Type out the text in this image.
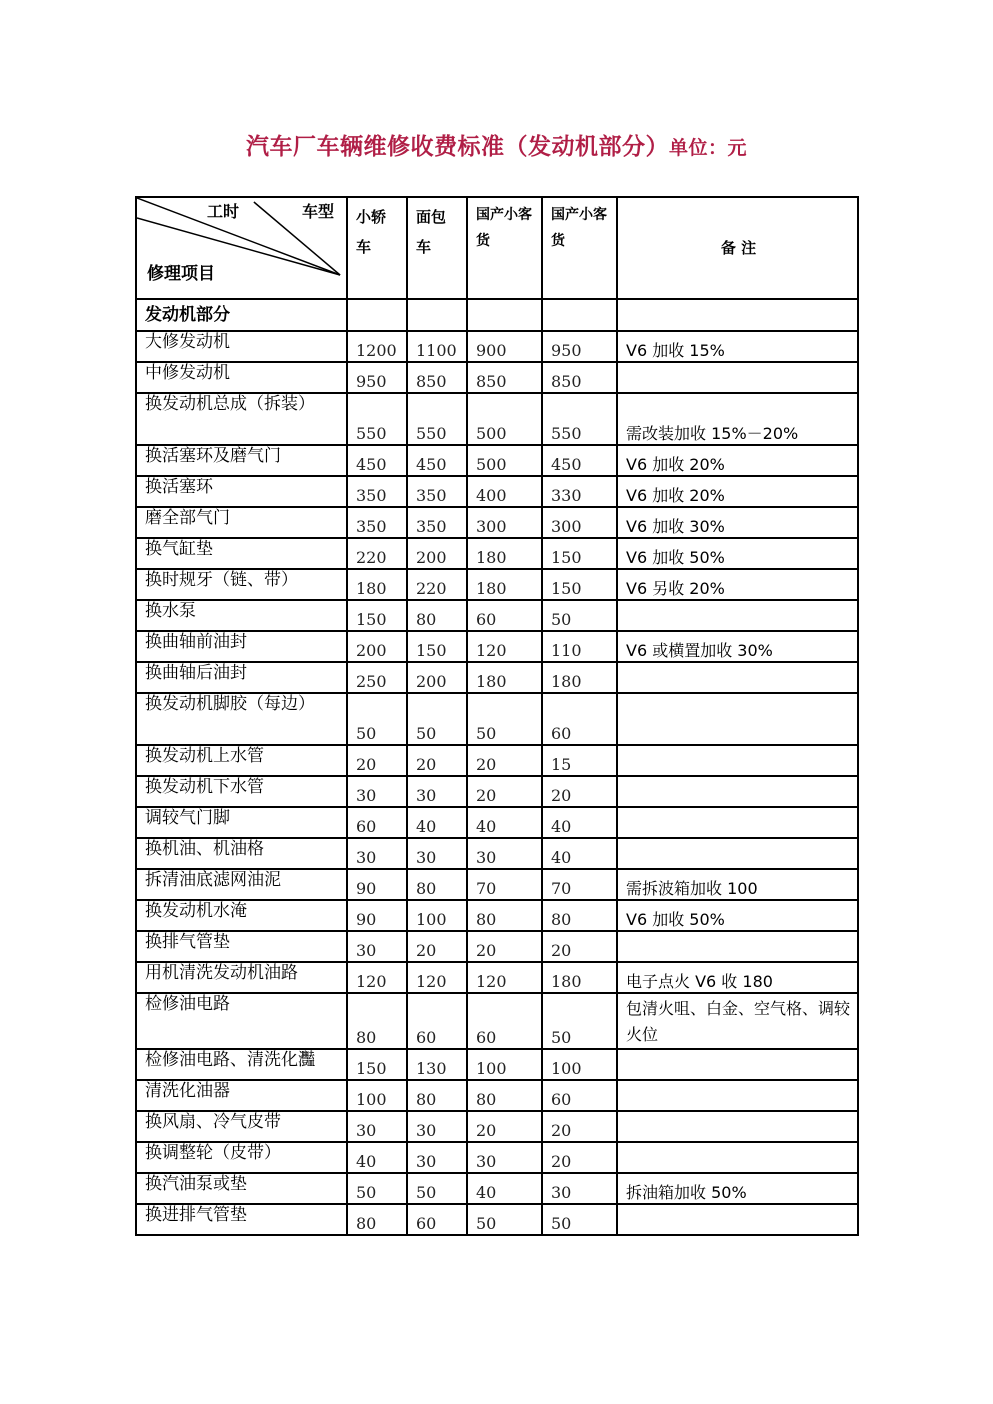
汽车厂车辆维修收费标准（发动机部分）单位：元
工时 车型
修理项目	小轿车	面包车	国产小客货	国产小客货	备 注
发动机部分					
大修发动机	1200	1100	900	950	V6 加收 15%
中修发动机	950	850	850	850	
换发动机总成（拆装）	550	550	500	550	需改装加收 15%－20%
换活塞环及磨气门	450	450	500	450	V6 加收 20%
换活塞环	350	350	400	330	V6 加收 20%
磨全部气门	350	350	300	300	V6 加收 30%
换气缸垫	220	200	180	150	V6 加收 50%
换时规牙（链、带）	180	220	180	150	V6 另收 20%
换水泵	150	80	60	50	
换曲轴前油封	200	150	120	110	V6 或横置加收 30%
换曲轴后油封	250	200	180	180	
换发动机脚胶（每边）	50	50	50	60	
换发动机上水管	20	20	20	15	
换发动机下水管	30	30	20	20	
调较气门脚	60	40	40	40	
换机油、机油格	30	30	30	40	
拆清油底滤网油泥	90	80	70	70	需拆波箱加收 100
换发动机水淹	90	100	80	80	V6 加收 50%
换排气管垫	30	20	20	20	
用机清洗发动机油路	120	120	120	180	电子点火 V6 收 180
检修油电路	80	60	60	50	包清火咀、白金、空气格、调较火位
检修油电路、清洗化灩	150	130	100	100	
清洗化油器	100	80	80	60	
换风扇、冷气皮带	30	30	20	20	
换调整轮（皮带）	40	30	30	20	
换汽油泵或垫	50	50	40	30	拆油箱加收 50%
换进排气管垫	80	60	50	50	
